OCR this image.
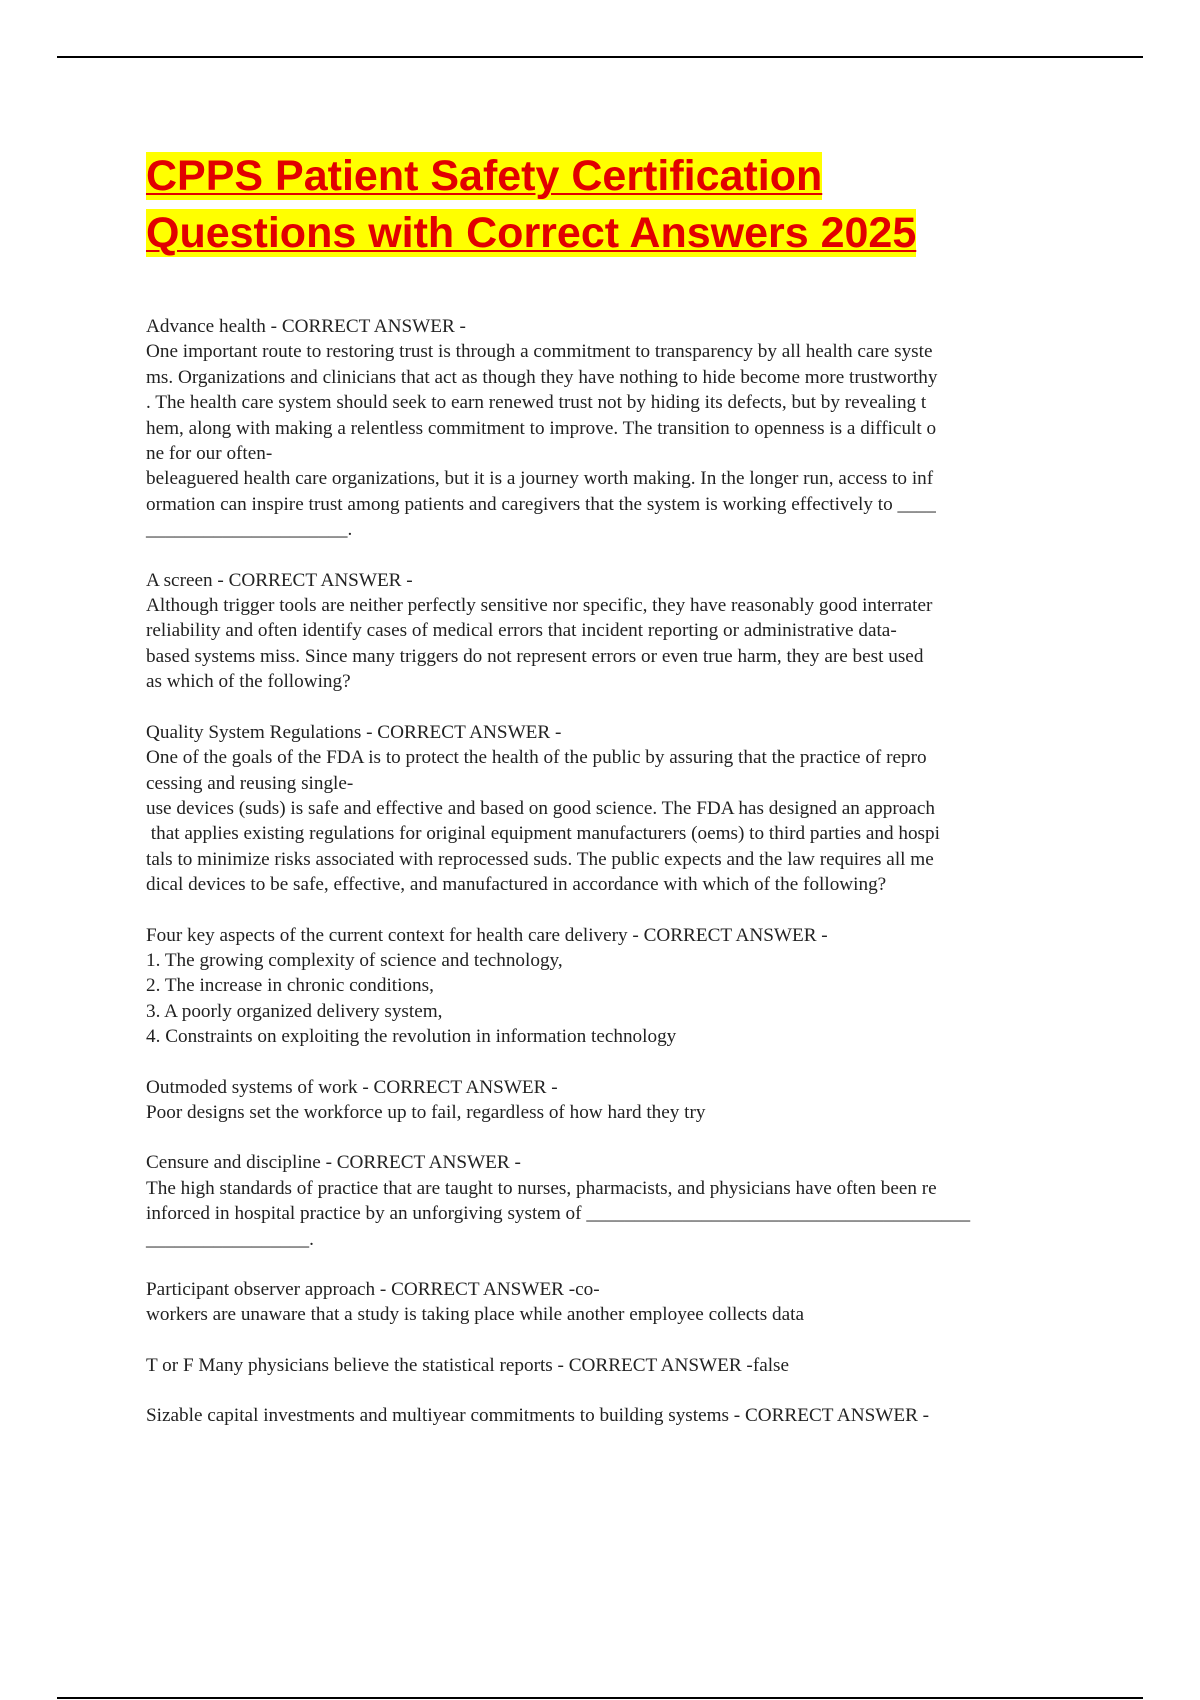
CPPS Patient Safety Certification
Questions with Correct Answers 2025

Advance health - CORRECT ANSWER -

One important route to restoring trust is through a commitment to transparency by all health care syste

ms. Organizations and clinicians that act as though they have nothing to hide become more trustworthy

. The health care system should seek to earn renewed trust not by hiding its defects, but by revealing t

hem, along with making a relentless commitment to improve. The transition to openness is a difficult o

ne for our often-

beleaguered health care organizations, but it is a journey worth making. In the longer run, access to inf

ormation can inspire trust among patients and caregivers that the system is working effectively to ____

_____________________.

A screen - CORRECT ANSWER -

Although trigger tools are neither perfectly sensitive nor specific, they have reasonably good interrater

reliability and often identify cases of medical errors that incident reporting or administrative data-

based systems miss. Since many triggers do not represent errors or even true harm, they are best used

as which of the following?

Quality System Regulations - CORRECT ANSWER -

One of the goals of the FDA is to protect the health of the public by assuring that the practice of repro

cessing and reusing single-

use devices (suds) is safe and effective and based on good science. The FDA has designed an approach

that applies existing regulations for original equipment manufacturers (oems) to third parties and hospi

tals to minimize risks associated with reprocessed suds. The public expects and the law requires all me

dical devices to be safe, effective, and manufactured in accordance with which of the following?

Four key aspects of the current context for health care delivery - CORRECT ANSWER -

1. The growing complexity of science and technology,

2. The increase in chronic conditions,

3. A poorly organized delivery system,

4. Constraints on exploiting the revolution in information technology

Outmoded systems of work - CORRECT ANSWER -

Poor designs set the workforce up to fail, regardless of how hard they try

Censure and discipline - CORRECT ANSWER -

The high standards of practice that are taught to nurses, pharmacists, and physicians have often been re

inforced in hospital practice by an unforgiving system of ________________________________________

_________________.

Participant observer approach - CORRECT ANSWER -co-

workers are unaware that a study is taking place while another employee collects data

T or F Many physicians believe the statistical reports - CORRECT ANSWER -false

Sizable capital investments and multiyear commitments to building systems - CORRECT ANSWER -
